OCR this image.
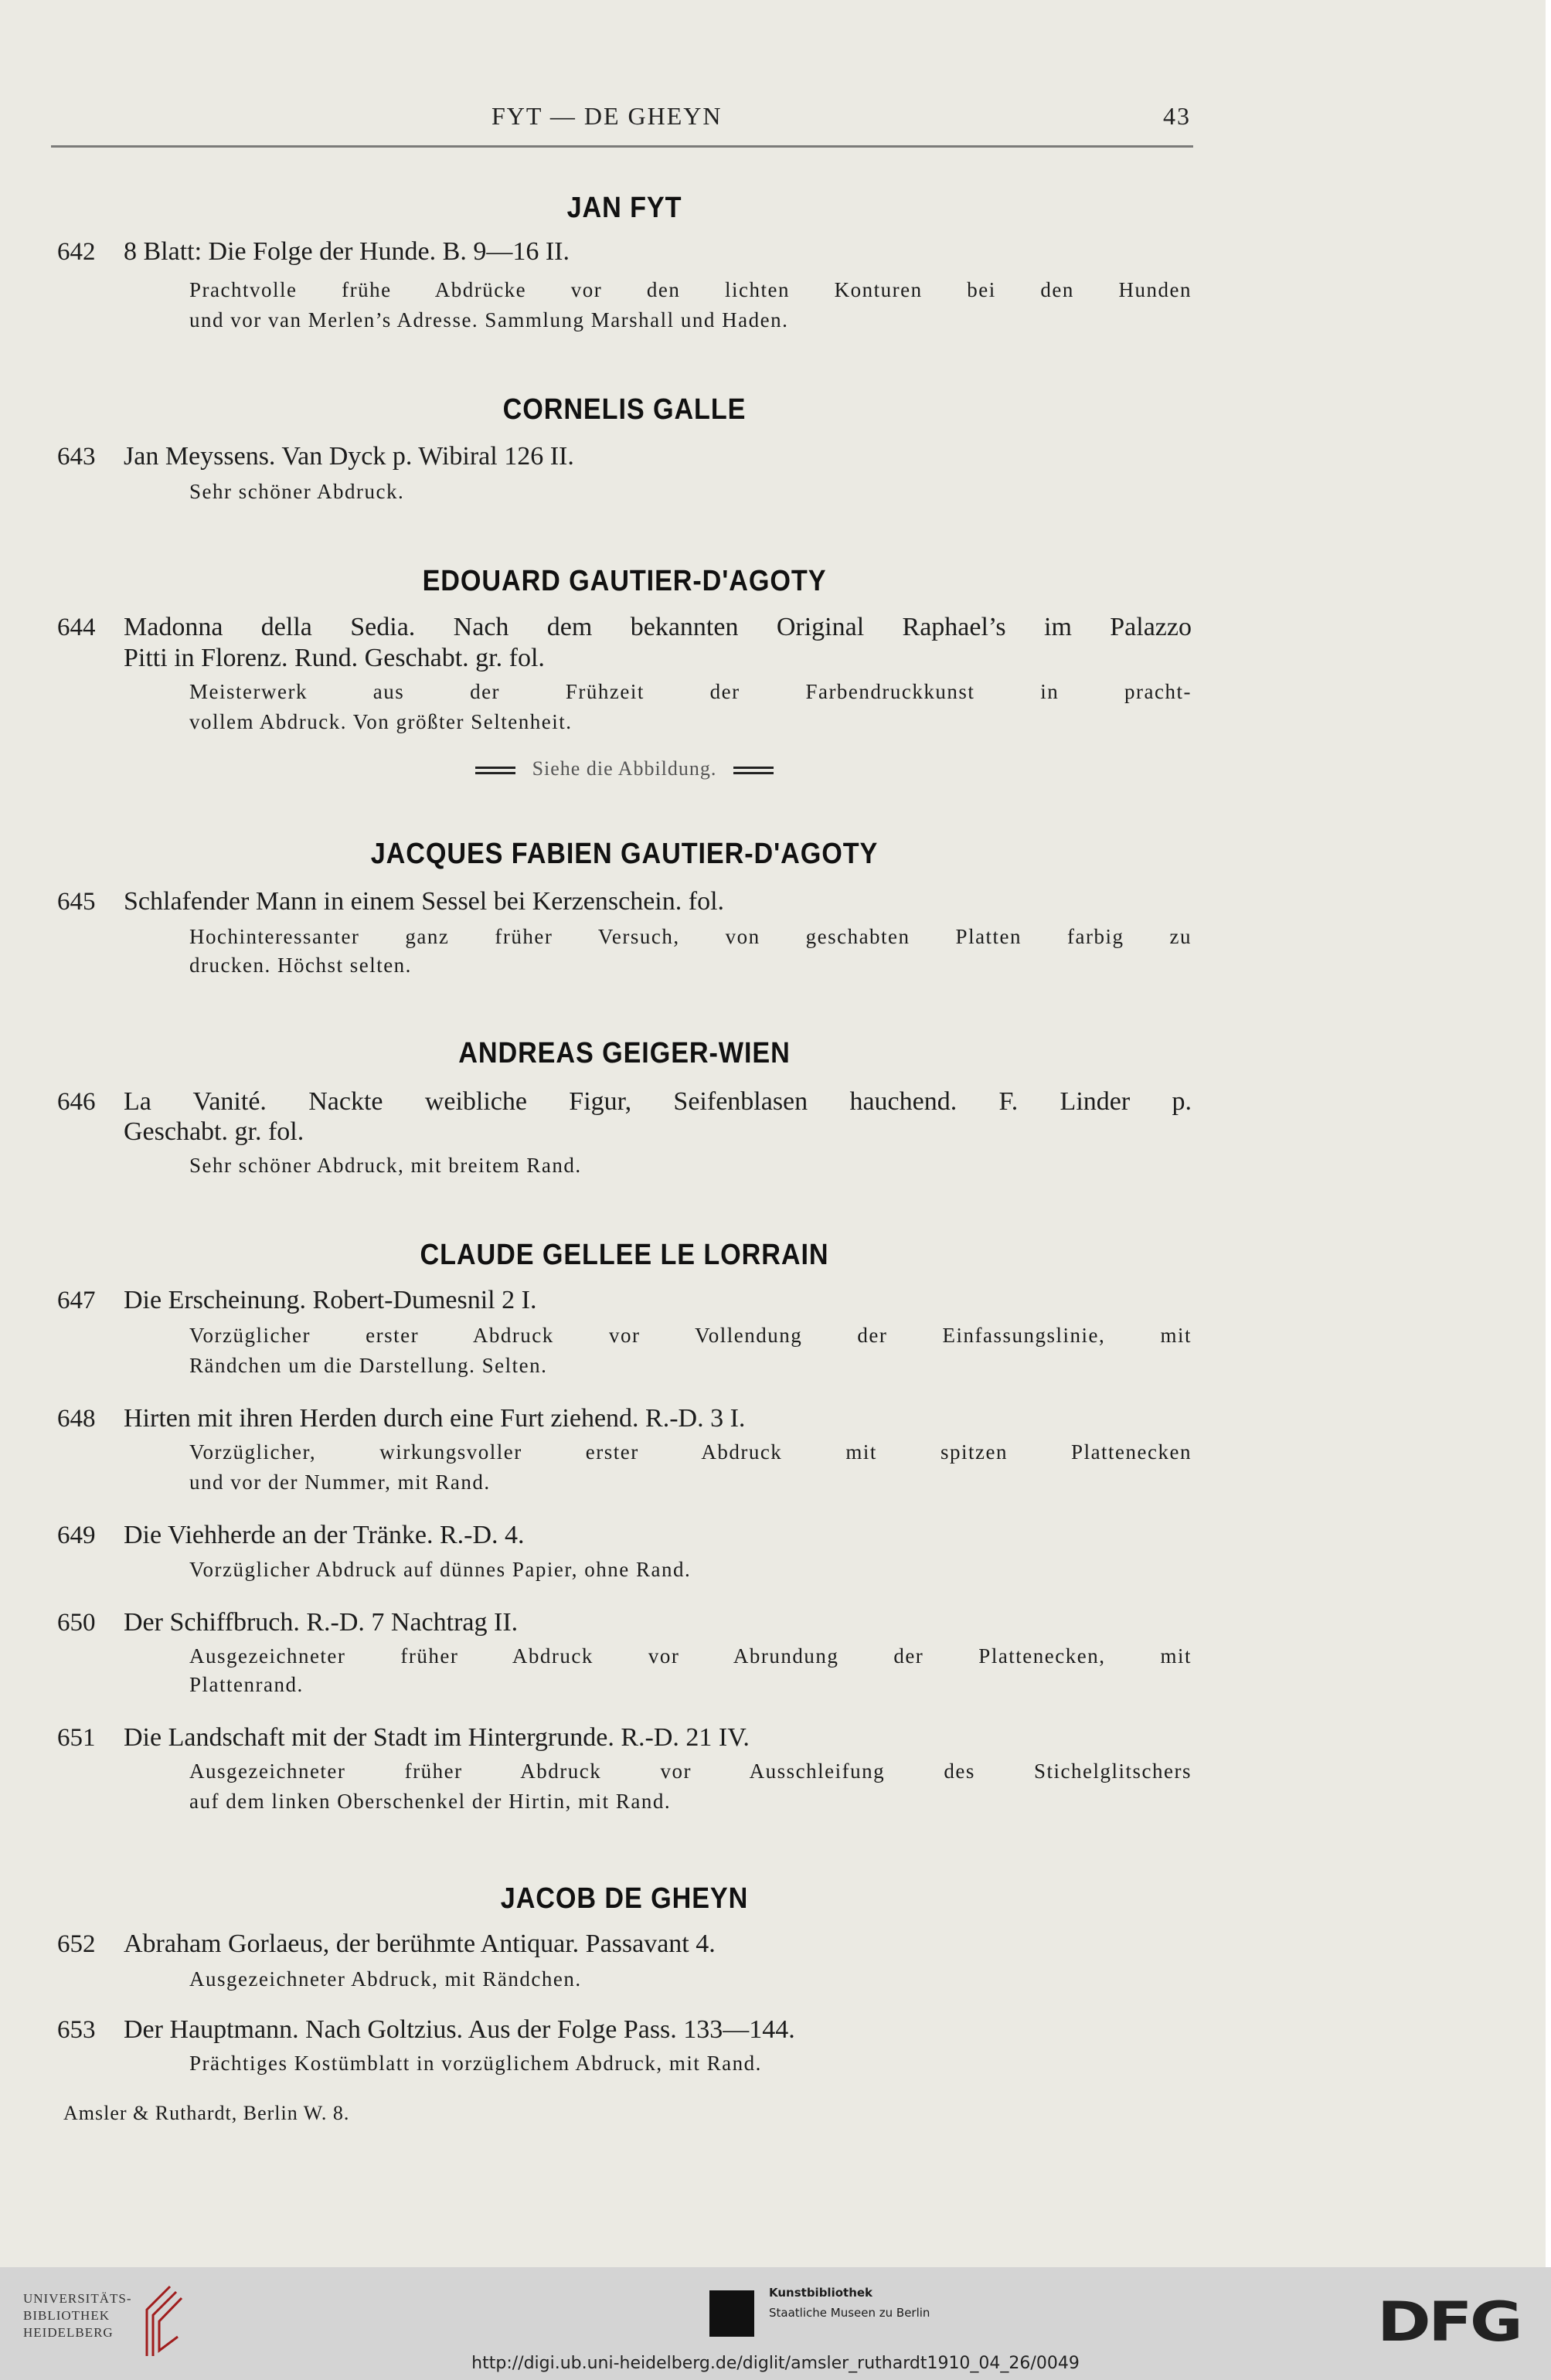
FYT — DE GHEYN	43
JAN FYT
642 8 Blatt: Die Folge der Hunde. B. 9—16 II.
Prachtvolle frühe Abdrücke vor den lichten Konturen bei den Hunden
und vor van Merlen’s Adresse. Sammlung Marshall und Haden.
CORNELIS GALLE
643 Jan Meyssens. Van Dyck p. Wibiral 126 II.
Sehr schöner Abdruck.
EDOUARD GAUTIER-D'AGOTY
644 Madonna della Sedia. Nach dem bekannten Original Raphael’s im Palazzo
Pitti in Florenz. Rund. Geschabt. gr. fol.
Meisterwerk aus der Frühzeit der Farbendruckkunst in pracht-
vollem Abdruck. Von größter Seltenheit.
Siehe die Abbildung.
JACQUES FABIEN GAUTIER-D'AGOTY
645 Schlafender Mann in einem Sessel bei Kerzenschein. fol.
Hochinteressanter ganz früher Versuch, von geschabten Platten farbig zu
drucken. Höchst selten.
ANDREAS GEIGER-WIEN
646 La Vanité. Nackte weibliche Figur, Seifenblasen hauchend. F. Linder p.
Geschabt. gr. fol.
Sehr schöner Abdruck, mit breitem Rand.
CLAUDE GELLEE LE LORRAIN
647 Die Erscheinung. Robert-Dumesnil 2 I.
Vorzüglicher erster Abdruck vor Vollendung der Einfassungslinie, mit
Rändchen um die Darstellung. Selten.
648 Hirten mit ihren Herden durch eine Furt ziehend. R.-D. 3 I.
Vorzüglicher, wirkungsvoller erster Abdruck mit spitzen Plattenecken
und vor der Nummer, mit Rand.
649 Die Viehherde an der Tränke. R.-D. 4.
Vorzüglicher Abdruck auf dünnes Papier, ohne Rand.
650 Der Schiffbruch. R.-D. 7 Nachtrag II.
Ausgezeichneter früher Abdruck vor Abrundung der Plattenecken, mit
Plattenrand.
651 Die Landschaft mit der Stadt im Hintergrunde. R.-D. 21 IV.
Ausgezeichneter früher Abdruck vor Ausschleifung des Stichelglitschers
auf dem linken Oberschenkel der Hirtin, mit Rand.
JACOB DE GHEYN
652 Abraham Gorlaeus, der berühmte Antiquar. Passavant 4.
Ausgezeichneter Abdruck, mit Rändchen.
653 Der Hauptmann. Nach Goltzius. Aus der Folge Pass. 133—144.
Prächtiges Kostümblatt in vorzüglichem Abdruck, mit Rand.
Amsler & Ruthardt, Berlin W. 8.
UNIVERSITÄTS-
BIBLIOTHEK
HEIDELBERG
Kunstbibliothek
Staatliche Museen zu Berlin	DFG
http://digi.ub.uni-heidelberg.de/diglit/amsler_ruthardt1910_04_26/0049
